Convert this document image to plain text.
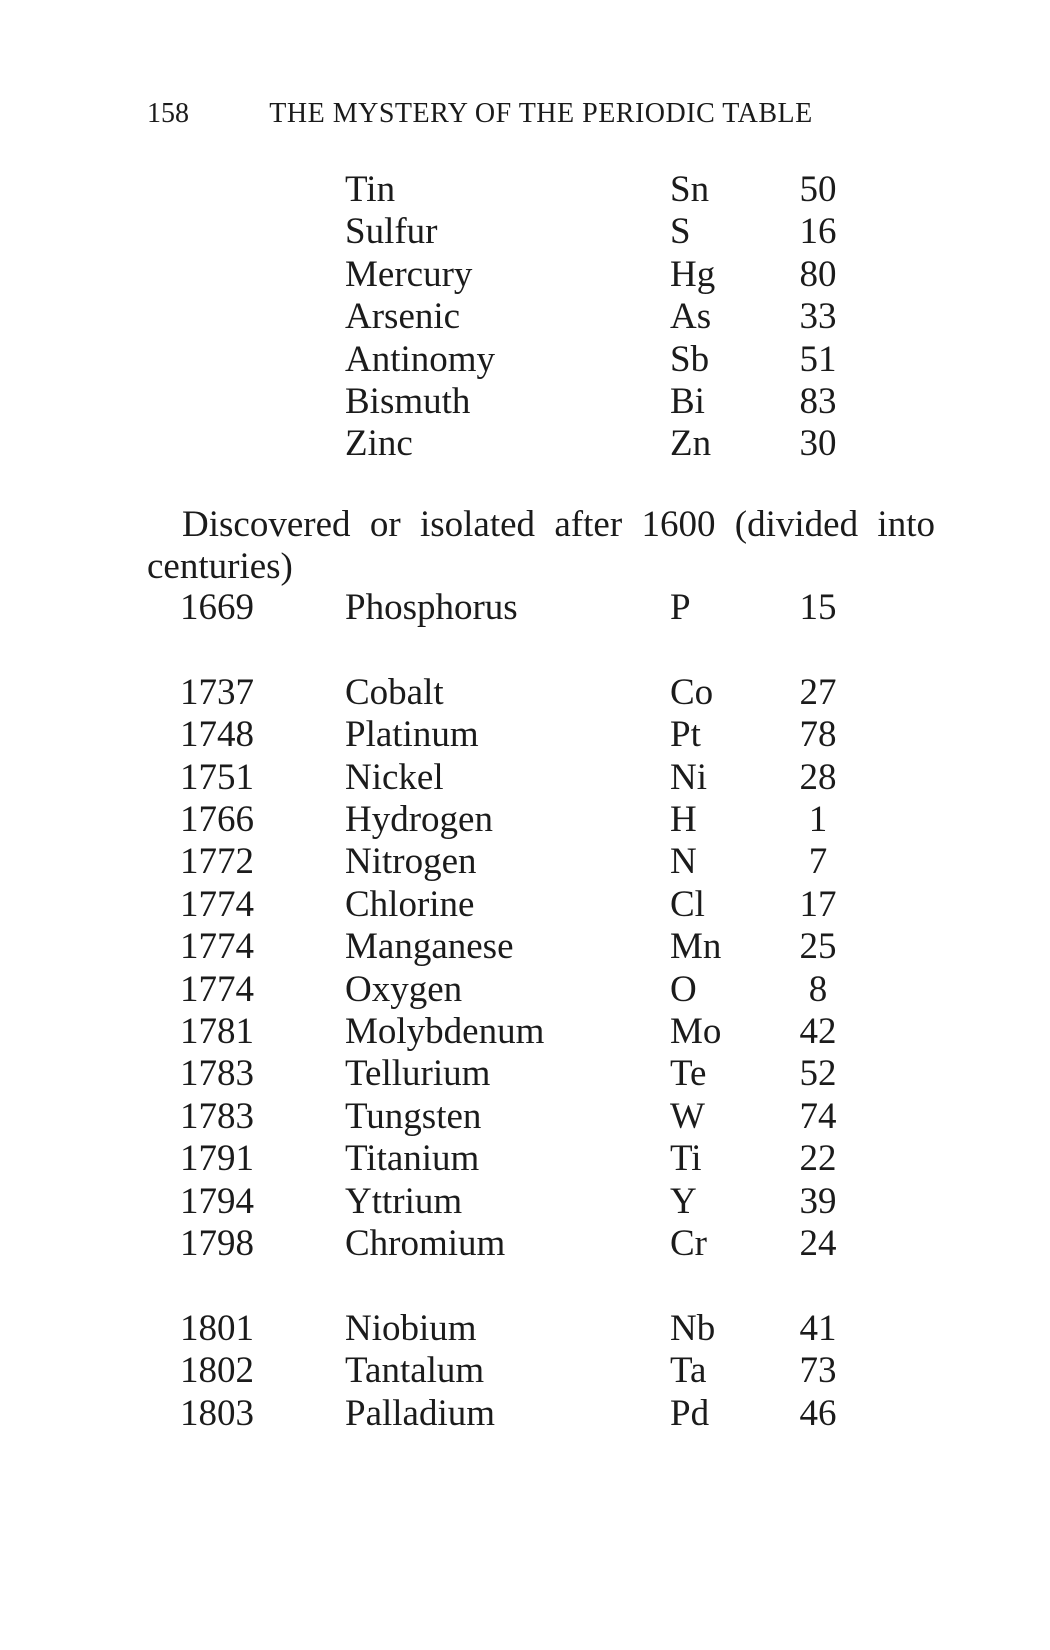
158	THE MYSTERY OF THE PERIODIC TABLE
Tin	Sn	50
Sulfur	S	16
Mercury	Hg	80
Arsenic	As	33
Antinomy	Sb	51
Bismuth	Bi	83
Zinc	Zn	30
Discovered or isolated after 1600 (divided into
centuries)
1669	Phosphorus	P	15
1737	Cobalt	Co	27
1748	Platinum	Pt	78
1751	Nickel	Ni	28
1766	Hydrogen	H	1
1772	Nitrogen	N	7
1774	Chlorine	Cl	17
1774	Manganese	Mn	25
1774	Oxygen	O	8
1781	Molybdenum	Mo	42
1783	Tellurium	Te	52
1783	Tungsten	W	74
1791	Titanium	Ti	22
1794	Yttrium	Y	39
1798	Chromium	Cr	24
1801	Niobium	Nb	41
1802	Tantalum	Ta	73
1803	Palladium	Pd	46
